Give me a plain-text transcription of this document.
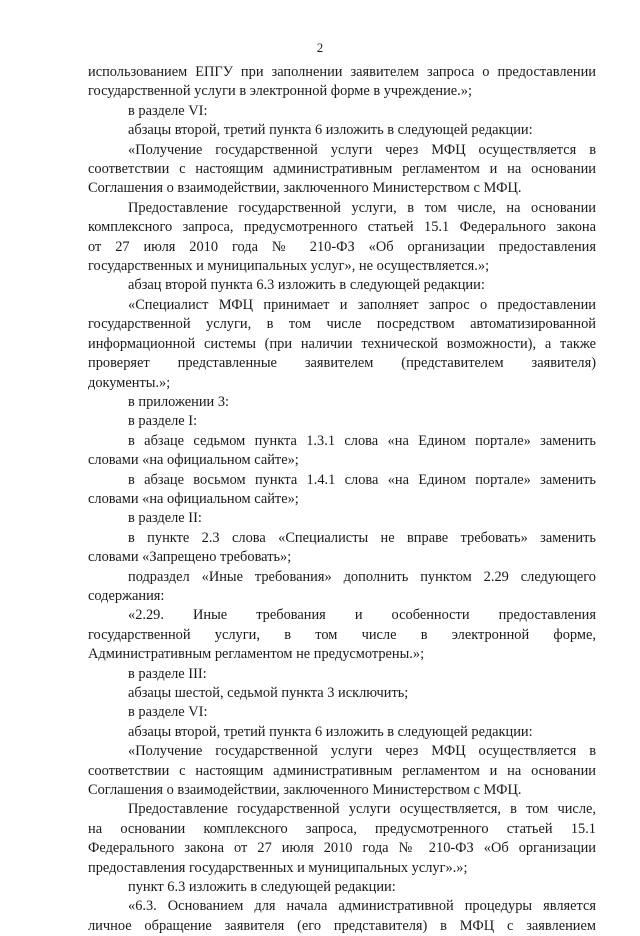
2
использованием ЕПГУ при заполнении заявителем запроса о предоставлении
государственной услуги в электронной форме в учреждение.»;
в разделе VI:
абзацы второй, третий пункта 6 изложить в следующей редакции:
«Получение государственной услуги через МФЦ осуществляется в
соответствии с настоящим административным регламентом и на основании
Соглашения о взаимодействии, заключенного Министерством с МФЦ.
Предоставление государственной услуги, в том числе, на основании
комплексного запроса, предусмотренного статьей 15.1 Федерального закона
от 27 июля 2010 года № 210-ФЗ «Об организации предоставления
государственных и муниципальных услуг», не осуществляется.»;
абзац второй пункта 6.3 изложить в следующей редакции:
«Специалист МФЦ принимает и заполняет запрос о предоставлении
государственной услуги, в том числе посредством автоматизированной
информационной системы (при наличии технической возможности), а также
проверяет представленные заявителем (представителем заявителя)
документы.»;
в приложении 3:
в разделе I:
в абзаце седьмом пункта 1.3.1 слова «на Едином портале» заменить
словами «на официальном сайте»;
в абзаце восьмом пункта 1.4.1 слова «на Едином портале» заменить
словами «на официальном сайте»;
в разделе II:
в пункте 2.3 слова «Специалисты не вправе требовать» заменить
словами «Запрещено требовать»;
подраздел «Иные требования» дополнить пунктом 2.29 следующего
содержания:
«2.29. Иные требования и особенности предоставления
государственной услуги, в том числе в электронной форме,
Административным регламентом не предусмотрены.»;
в разделе III:
абзацы шестой, седьмой пункта 3 исключить;
в разделе VI:
абзацы второй, третий пункта 6 изложить в следующей редакции:
«Получение государственной услуги через МФЦ осуществляется в
соответствии с настоящим административным регламентом и на основании
Соглашения о взаимодействии, заключенного Министерством с МФЦ.
Предоставление государственной услуги осуществляется, в том числе,
на основании комплексного запроса, предусмотренного статьей 15.1
Федерального закона от 27 июля 2010 года № 210-ФЗ «Об организации
предоставления государственных и муниципальных услуг».»;
пункт 6.3 изложить в следующей редакции:
«6.3. Основанием для начала административной процедуры является
личное обращение заявителя (его представителя) в МФЦ с заявлением
